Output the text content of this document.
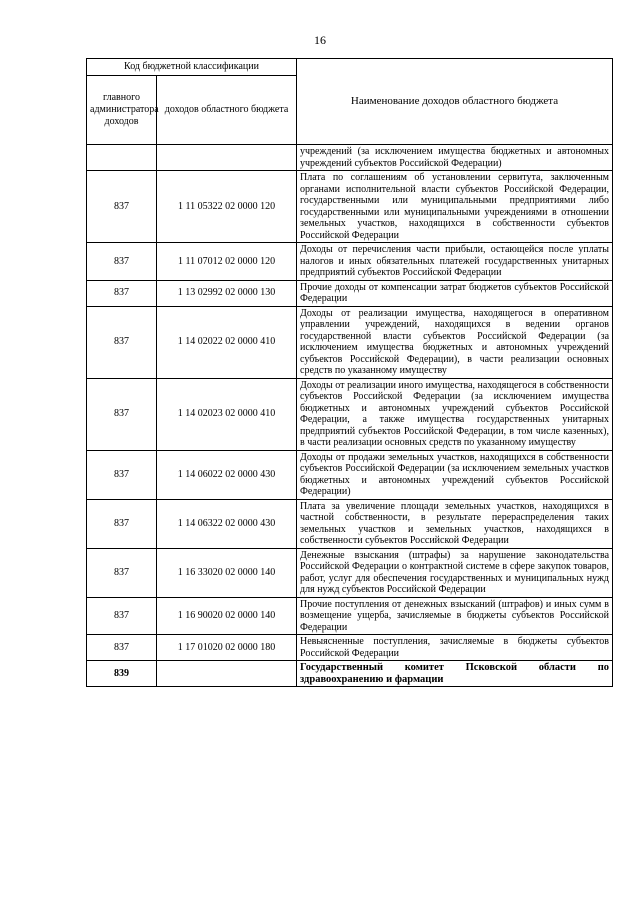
16
Код бюджетной классификации		Наименование доходов областного бюджета
главного администратора доходов	доходов областного бюджета	
		учреждений (за исключением имущества бюджетных и автономных учреждений субъектов Российской Федерации)
837	1 11 05322 02 0000 120	Плата по соглашениям об установлении сервитута, заключенным органами исполнительной власти субъектов Российской Федерации, государственными или муниципальными предприятиями либо государственными или муниципальными учреждениями в отношении земельных участков, находящихся в собственности субъектов Российской Федерации
837	1 11 07012 02 0000 120	Доходы от перечисления части прибыли, остающейся после уплаты налогов и иных обязательных платежей государственных унитарных предприятий субъектов Российской Федерации
837	1 13 02992 02 0000 130	Прочие доходы от компенсации затрат бюджетов субъектов Российской Федерации
837	1 14 02022 02 0000 410	Доходы от реализации имущества, находящегося в оперативном управлении учреждений, находящихся в ведении органов государственной власти субъектов Российской Федерации (за исключением имущества бюджетных и автономных учреждений субъектов Российской Федерации), в части реализации основных средств по указанному имуществу
837	1 14 02023 02 0000 410	Доходы от реализации иного имущества, находящегося в собственности субъектов Российской Федерации (за исключением имущества бюджетных и автономных учреждений субъектов Российской Федерации, а также имущества государственных унитарных предприятий субъектов Российской Федерации, в том числе казенных), в части реализации основных средств по указанному имуществу
837	1 14 06022 02 0000 430	Доходы от продажи земельных участков, находящихся в собственности субъектов Российской Федерации (за исключением земельных участков бюджетных и автономных учреждений субъектов Российской Федерации)
837	1 14 06322 02 0000 430	Плата за увеличение площади земельных участков, находящихся в частной собственности, в результате перераспределения таких земельных участков и земельных участков, находящихся в собственности субъектов Российской Федерации
837	1 16 33020 02 0000 140	Денежные взыскания (штрафы) за нарушение законодательства Российской Федерации о контрактной системе в сфере закупок товаров, работ, услуг для обеспечения государственных и муниципальных нужд для нужд субъектов Российской Федерации
837	1 16 90020 02 0000 140	Прочие поступления от денежных взысканий (штрафов) и иных сумм в возмещение ущерба, зачисляемые в бюджеты субъектов Российской Федерации
837	1 17 01020 02 0000 180	Невыясненные поступления, зачисляемые в бюджеты субъектов Российской Федерации
839		Государственный комитет Псковской области по здравоохранению и фармации
